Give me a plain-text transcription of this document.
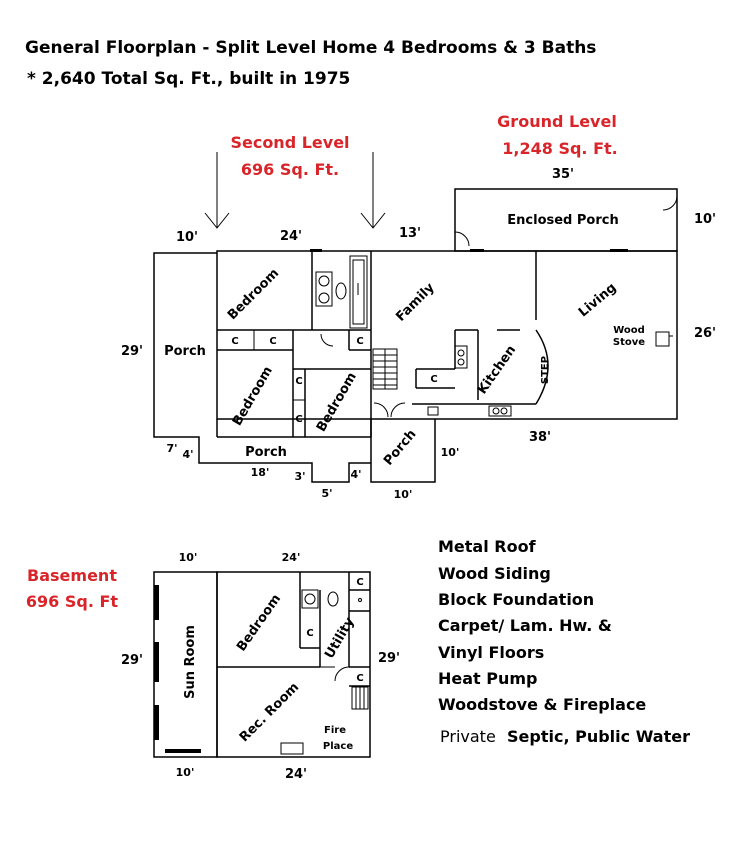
General Floorplan - Split Level Home 4 Bedrooms & 3 Baths
* 2,640 Total Sq. Ft., built in 1975
Second Level
696 Sq. Ft.
Ground Level
1,248 Sq. Ft.
Enclosed Porch
35'
10'
10'	24'	13'
29'
26'
38'
Porch
7' 4'	Porch
18' 3'
5'
4'
Porch 10'
10'
STEP
C	C	C
C
C
C
Bedroom
Bedroom	Bedroom
Family	Living
Wood
Stove
Kitchen
Basement
696 Sq. Ft
10'	24'
29'	29'
10'	24'
Sun Room
Bedroom	Utility
Rec. Room Fire
Place
C
C
C
Metal Roof
Wood Siding
Block Foundation
Carpet/ Lam. Hw. &
Vinyl Floors
Heat Pump
Woodstove & Fireplace
Private Septic, Public Water
